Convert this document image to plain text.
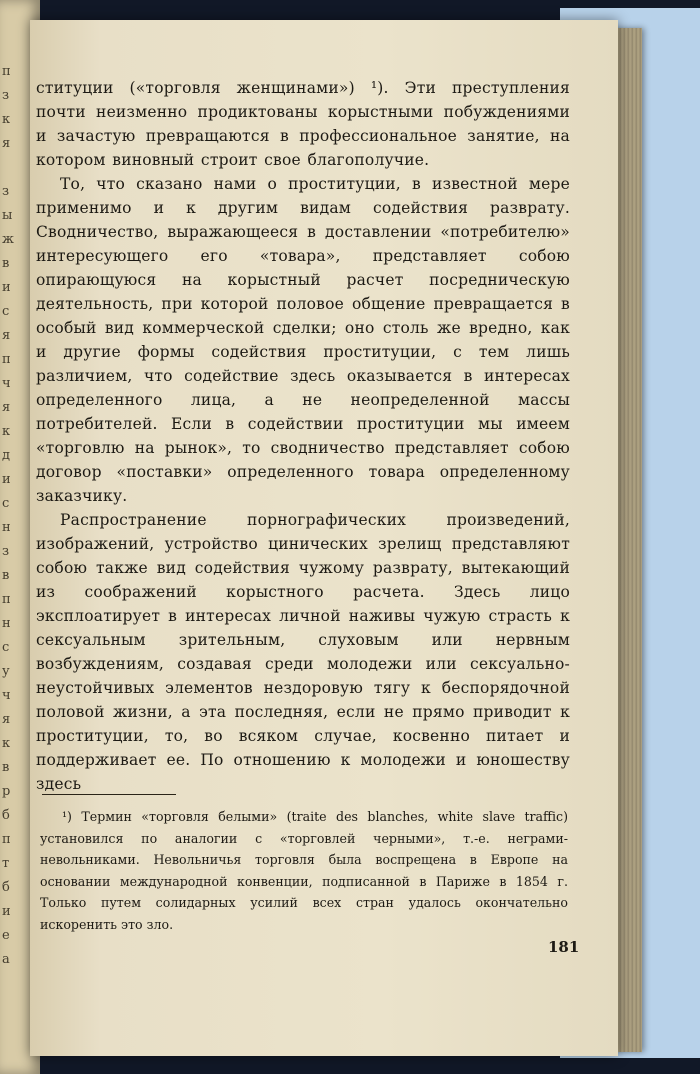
п
з
к
я
з
ы
ж
в
и
с
я
п
ч
я
к
д
и
с
н
з
в
п
н
с
у
ч
я
к
в
р
б
п
т
б
и
е
а

ституции («торговля женщинами») ¹). Эти преступления почти неизменно продиктованы корыстными побуждениями и зачастую превращаются в профессиональное занятие, на котором виновный строит свое благополучие.

То, что сказано нами о проституции, в известной мере применимо и к другим видам содействия разврату. Сводничество, выражающееся в доставлении «потребителю» интересующего его «товара», представляет собою опирающуюся на корыстный расчет посредническую деятельность, при которой половое общение превращается в особый вид коммерческой сделки; оно столь же вредно, как и другие формы содействия проституции, с тем лишь различием, что содействие здесь оказывается в интересах определенного лица, а не неопределенной массы потребителей. Если в содействии проституции мы имеем «торговлю на рынок», то сводничество представляет собою договор «поставки» определенного товара определенному заказчику.

Распространение порнографических произведений, изображений, устройство цинических зрелищ представляют собою также вид содействия чужому разврату, вытекающий из соображений корыстного расчета. Здесь лицо эксплоатирует в интересах личной наживы чужую страсть к сексуальным зрительным, слуховым или нервным возбуждениям, создавая среди молодежи или сексуально-неустойчивых элементов нездоровую тягу к беспорядочной половой жизни, а эта последняя, если не прямо приводит к проституции, то, во всяком случае, косвенно питает и поддерживает ее. По отношению к молодежи и юношеству здесь

¹) Термин «торговля белыми» (traite des blanches, white slave traffic) установился по аналогии с «торговлей черными», т.-е. неграми-невольниками. Невольничья торговля была воспрещена в Европе на основании международной конвенции, подписанной в Париже в 1854 г. Только путем солидарных усилий всех стран удалось окончательно искоренить это зло.

181
